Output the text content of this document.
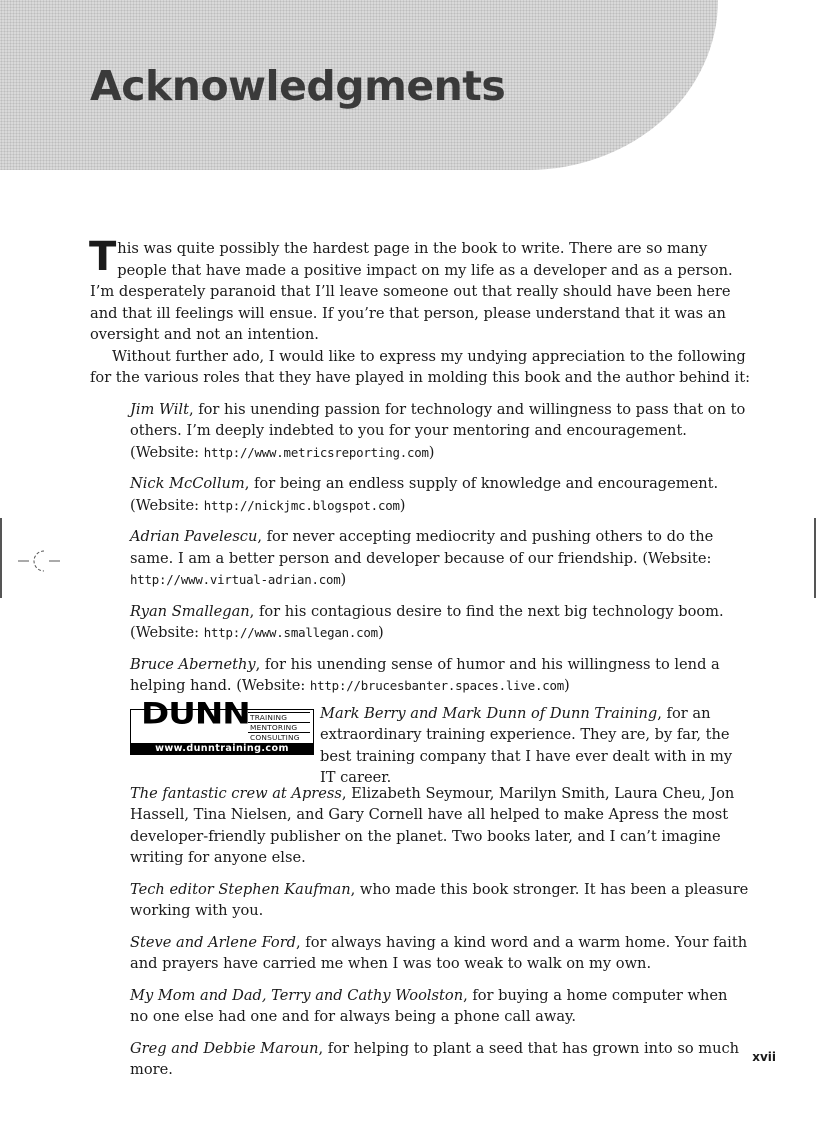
Acknowledgments

This was quite possibly the hardest page in the book to write. There are so many people that have made a positive impact on my life as a developer and as a person. I’m desperately paranoid that I’ll leave someone out that really should have been here and that ill feelings will ensue. If you’re that person, please understand that it was an oversight and not an intention.

Without further ado, I would like to express my undying appreciation to the following for the various roles that they have played in molding this book and the author behind it:

Jim Wilt, for his unending passion for technology and willingness to pass that on to others. I’m deeply indebted to you for your mentoring and encouragement. (Website: http://www.metricsreporting.com)

Nick McCollum, for being an endless supply of knowledge and encouragement. (Website: http://nickjmc.blogspot.com)

Adrian Pavelescu, for never accepting mediocrity and pushing others to do the same. I am a better person and developer because of our friendship. (Website: http://www.virtual-adrian.com)

Ryan Smallegan, for his contagious desire to find the next big technology boom. (Website: http://www.smallegan.com)

Bruce Abernethy, for his unending sense of humor and his willingness to lend a helping hand. (Website: http://brucesbanter.spaces.live.com)

DUNN TRAINING
MENTORING
CONSULTING
www.dunntraining.com
Mark Berry and Mark Dunn of Dunn Training, for an extraordinary training experience. They are, by far, the best training company that I have ever dealt with in my IT career.

The fantastic crew at Apress, Elizabeth Seymour, Marilyn Smith, Laura Cheu, Jon Hassell, Tina Nielsen, and Gary Cornell have all helped to make Apress the most developer-friendly publisher on the planet. Two books later, and I can’t imagine writing for anyone else.

Tech editor Stephen Kaufman, who made this book stronger. It has been a pleasure working with you.

Steve and Arlene Ford, for always having a kind word and a warm home. Your faith and prayers have carried me when I was too weak to walk on my own.

My Mom and Dad, Terry and Cathy Woolston, for buying a home computer when no one else had one and for always being a phone call away.

Greg and Debbie Maroun, for helping to plant a seed that has grown into so much more.

xvii
